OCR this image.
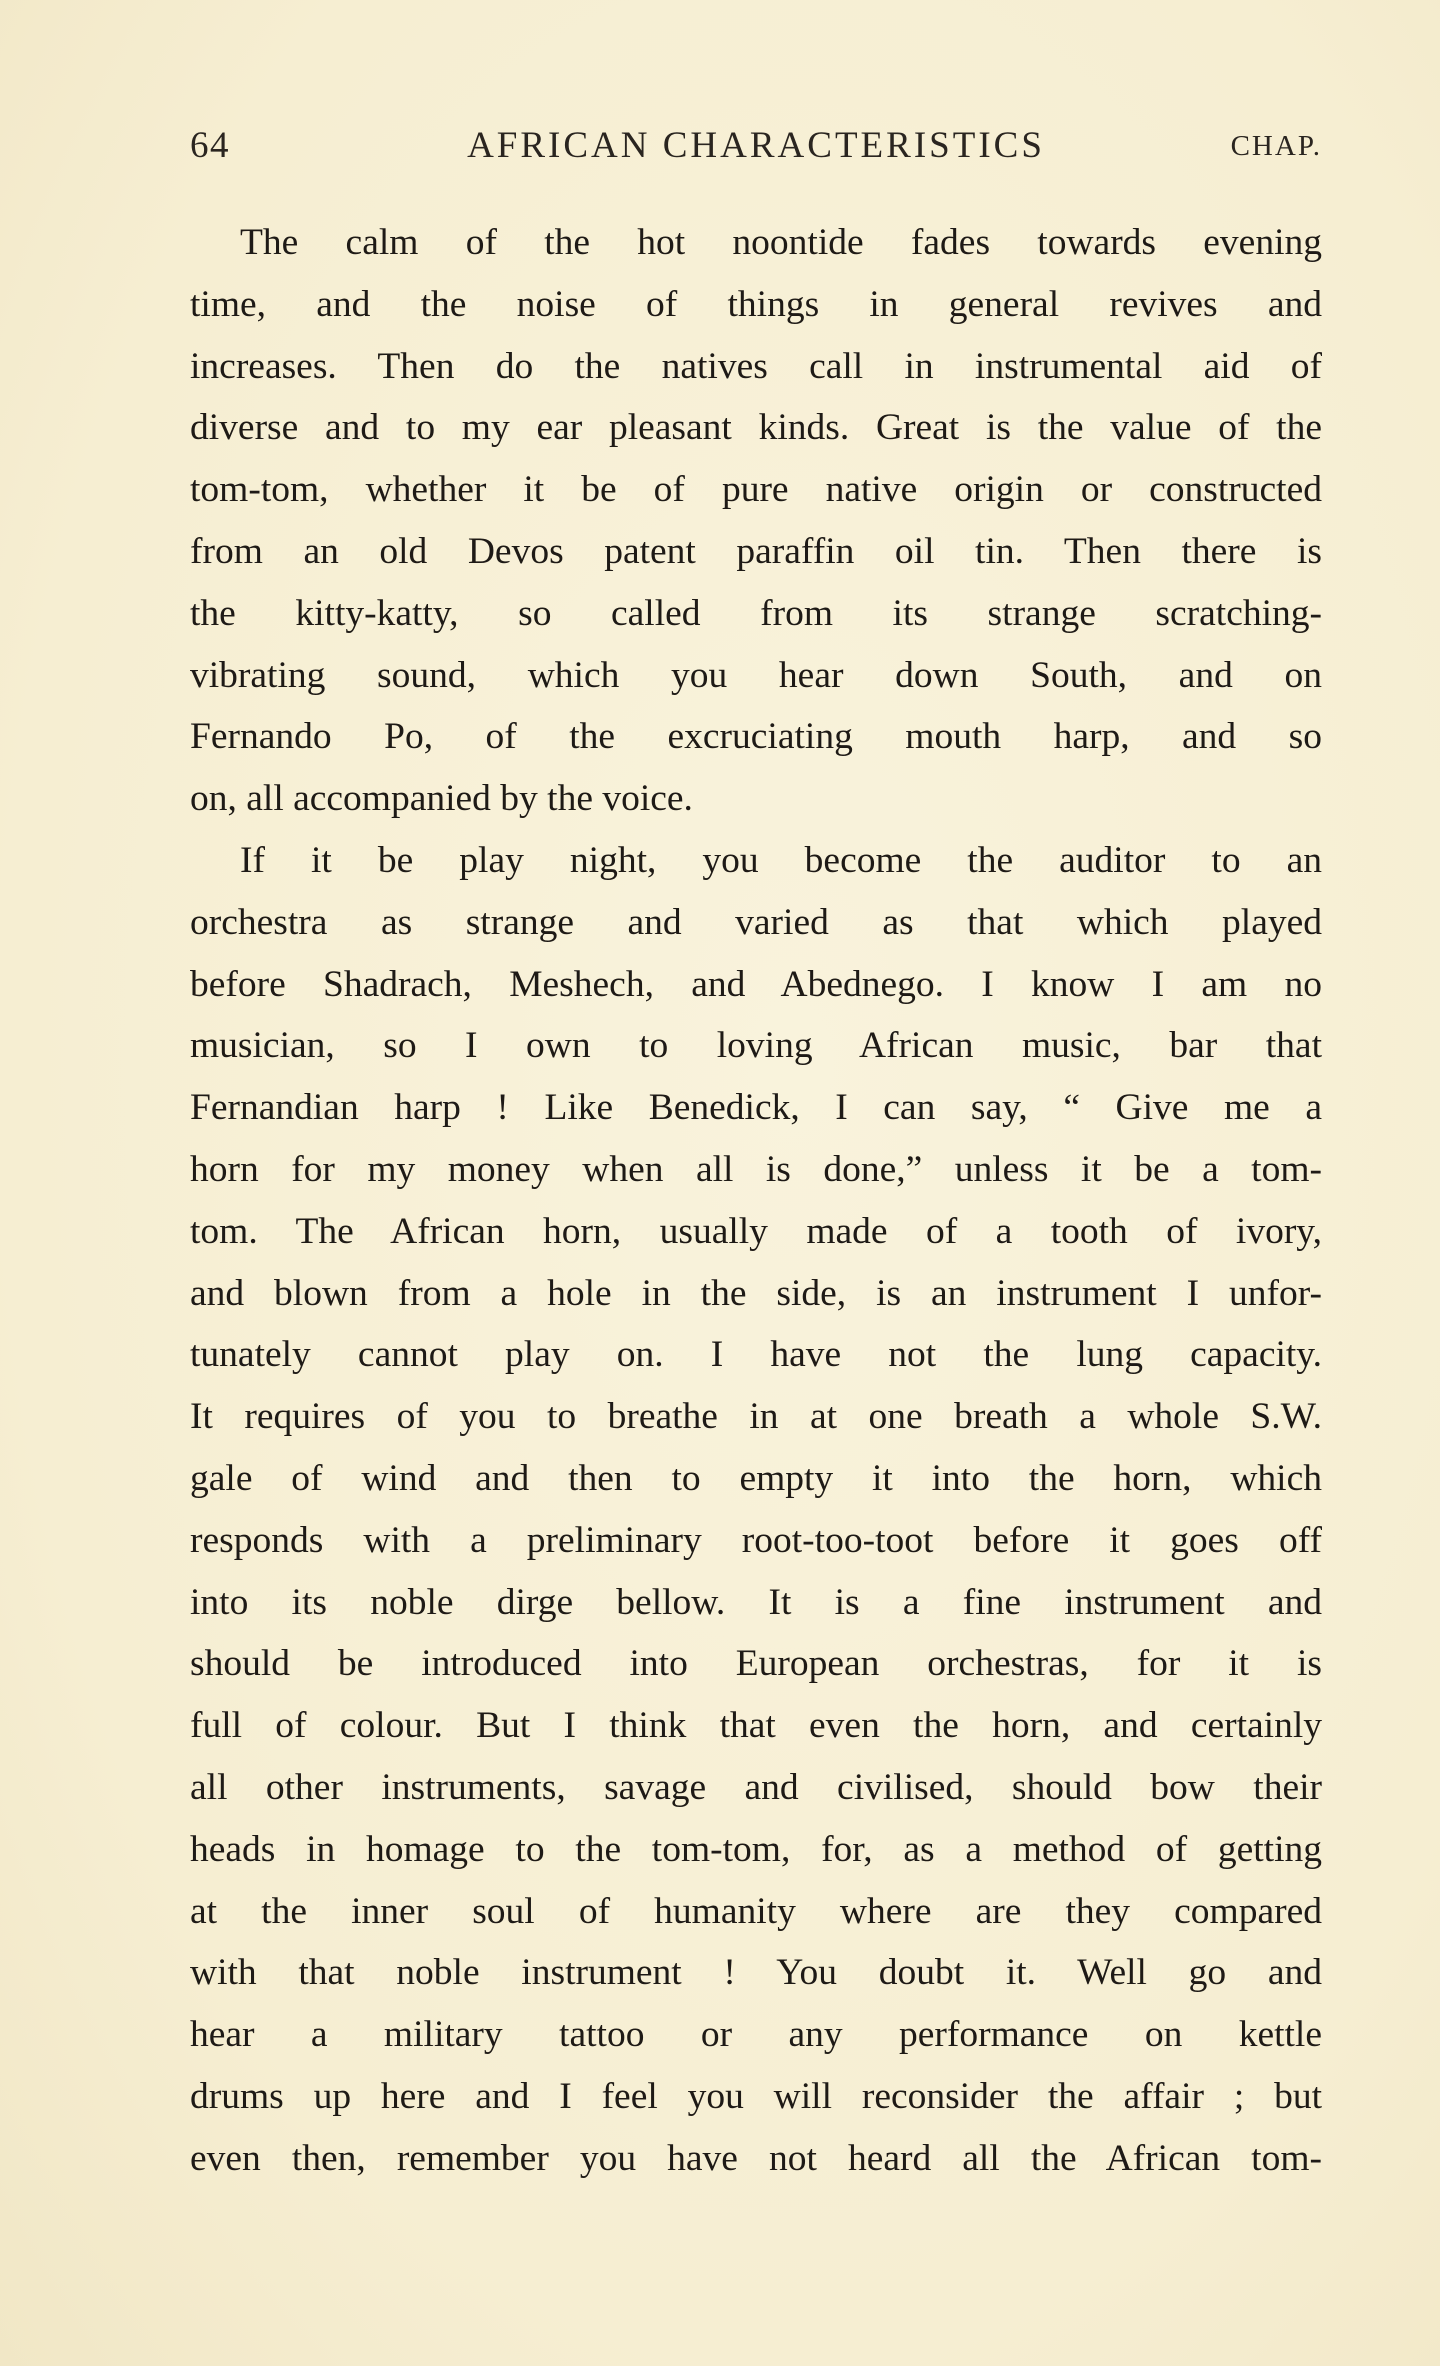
64	AFRICAN CHARACTERISTICS	CHAP.
The calm of the hot noontide fades towards evening
time, and the noise of things in general revives and
increases. Then do the natives call in instrumental aid of
diverse and to my ear pleasant kinds. Great is the value of the
tom-tom, whether it be of pure native origin or constructed
from an old Devos patent paraffin oil tin. Then there is
the kitty-katty, so called from its strange scratching-
vibrating sound, which you hear down South, and on
Fernando Po, of the excruciating mouth harp, and so
on, all accompanied by the voice.
If it be play night, you become the auditor to an
orchestra as strange and varied as that which played
before Shadrach, Meshech, and Abednego. I know I am no
musician, so I own to loving African music, bar that
Fernandian harp ! Like Benedick, I can say, “ Give me a
horn for my money when all is done,” unless it be a tom-
tom. The African horn, usually made of a tooth of ivory,
and blown from a hole in the side, is an instrument I unfor-
tunately cannot play on. I have not the lung capacity.
It requires of you to breathe in at one breath a whole S.W.
gale of wind and then to empty it into the horn, which
responds with a preliminary root-too-toot before it goes off
into its noble dirge bellow. It is a fine instrument and
should be introduced into European orchestras, for it is
full of colour. But I think that even the horn, and certainly
all other instruments, savage and civilised, should bow their
heads in homage to the tom-tom, for, as a method of getting
at the inner soul of humanity where are they compared
with that noble instrument ! You doubt it. Well go and
hear a military tattoo or any performance on kettle
drums up here and I feel you will reconsider the affair ; but
even then, remember you have not heard all the African tom-
